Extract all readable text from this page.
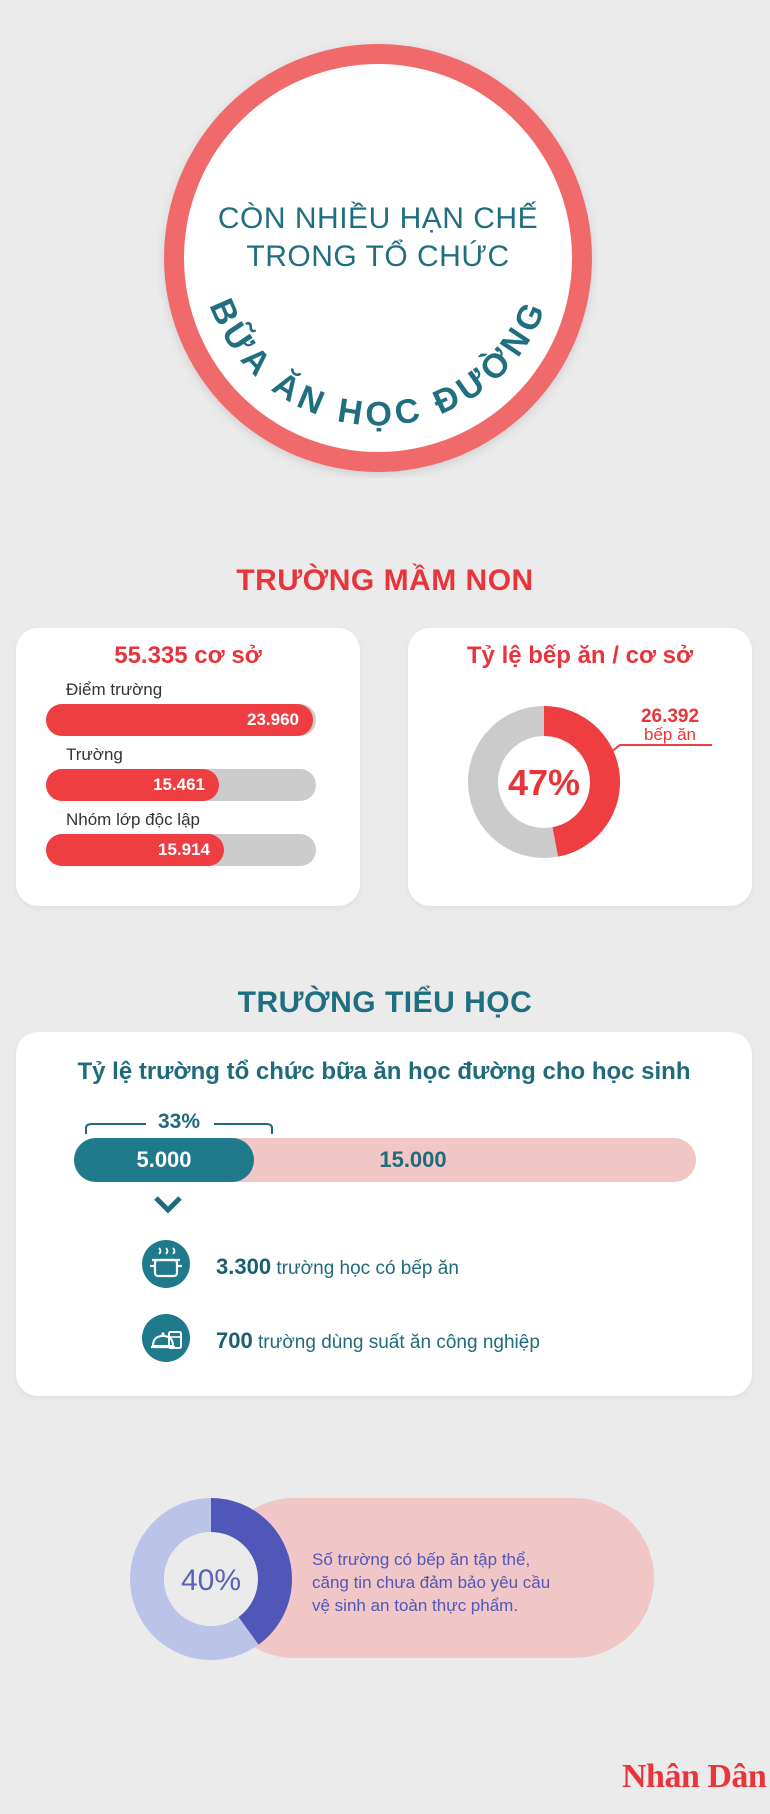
CÒN NHIỀU HẠN CHẾ
TRONG TỔ CHỨC
BỮA ĂN HỌC ĐƯỜNG
TRƯỜNG MẦM NON
55.335 cơ sở
Điểm trường
23.960
Trường
15.461
Nhóm lớp độc lập
15.914
Tỷ lệ bếp ăn / cơ sở
47%
26.392
bếp ăn
TRƯỜNG TIỂU HỌC
Tỷ lệ trường tổ chức bữa ăn học đường cho học sinh
33%
5.000	15.000
3.300 trường học có bếp ăn
700 trường dùng suất ăn công nghiệp
40%
Số trường có bếp ăn tập thể,
căng tin chưa đảm bảo yêu cầu
vệ sinh an toàn thực phẩm.
Nhân Dân
